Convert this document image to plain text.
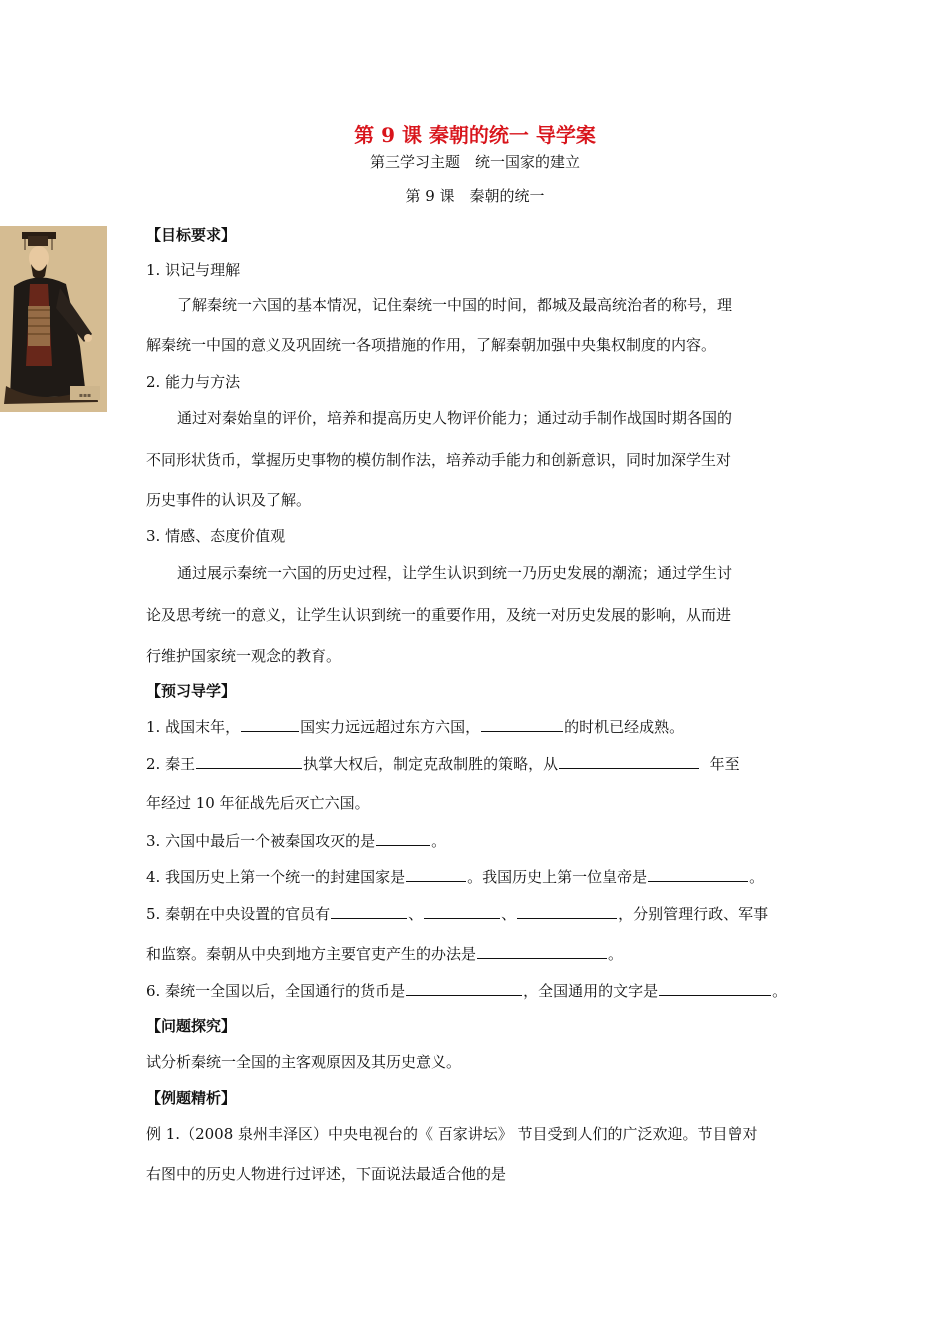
▪▪▪
第 9 课 秦朝的统一 导学案
第三学习主题　统一国家的建立
第 9 课　秦朝的统一
【目标要求】
1. 识记与理解
了解秦统一六国的基本情况，记住秦统一中国的时间，都城及最高统治者的称号，理
解秦统一中国的意义及巩固统一各项措施的作用，了解秦朝加强中央集权制度的内容。
2. 能力与方法
通过对秦始皇的评价，培养和提高历史人物评价能力；通过动手制作战国时期各国的
不同形状货币，掌握历史事物的模仿制作法，培养动手能力和创新意识，同时加深学生对
历史事件的认识及了解。
3. 情感、态度价值观
通过展示秦统一六国的历史过程，让学生认识到统一乃历史发展的潮流；通过学生讨
论及思考统一的意义，让学生认识到统一的重要作用，及统一对历史发展的影响，从而进
行维护国家统一观念的教育。
【预习导学】
1. 战国末年，	国实力远远超过东方六国，	的时机已经成熟。
2. 秦王	执掌大权后，制定克敌制胜的策略，从	年至
年经过 10 年征战先后灭亡六国。
3. 六国中最后一个被秦国攻灭的是	。
4. 我国历史上第一个统一的封建国家是	。我国历史上第一位皇帝是	。
5. 秦朝在中央设置的官员有	、	、	，分别管理行政、军事
和监察。秦朝从中央到地方主要官吏产生的办法是	。
6. 秦统一全国以后，全国通行的货币是	，全国通用的文字是	。
【问题探究】
试分析秦统一全国的主客观原因及其历史意义。
【例题精析】
例 1.（2008 泉州丰泽区）中央电视台的《 百家讲坛》 节目受到人们的广泛欢迎。节目曾对
右图中的历史人物进行过评述，下面说法最适合他的是
